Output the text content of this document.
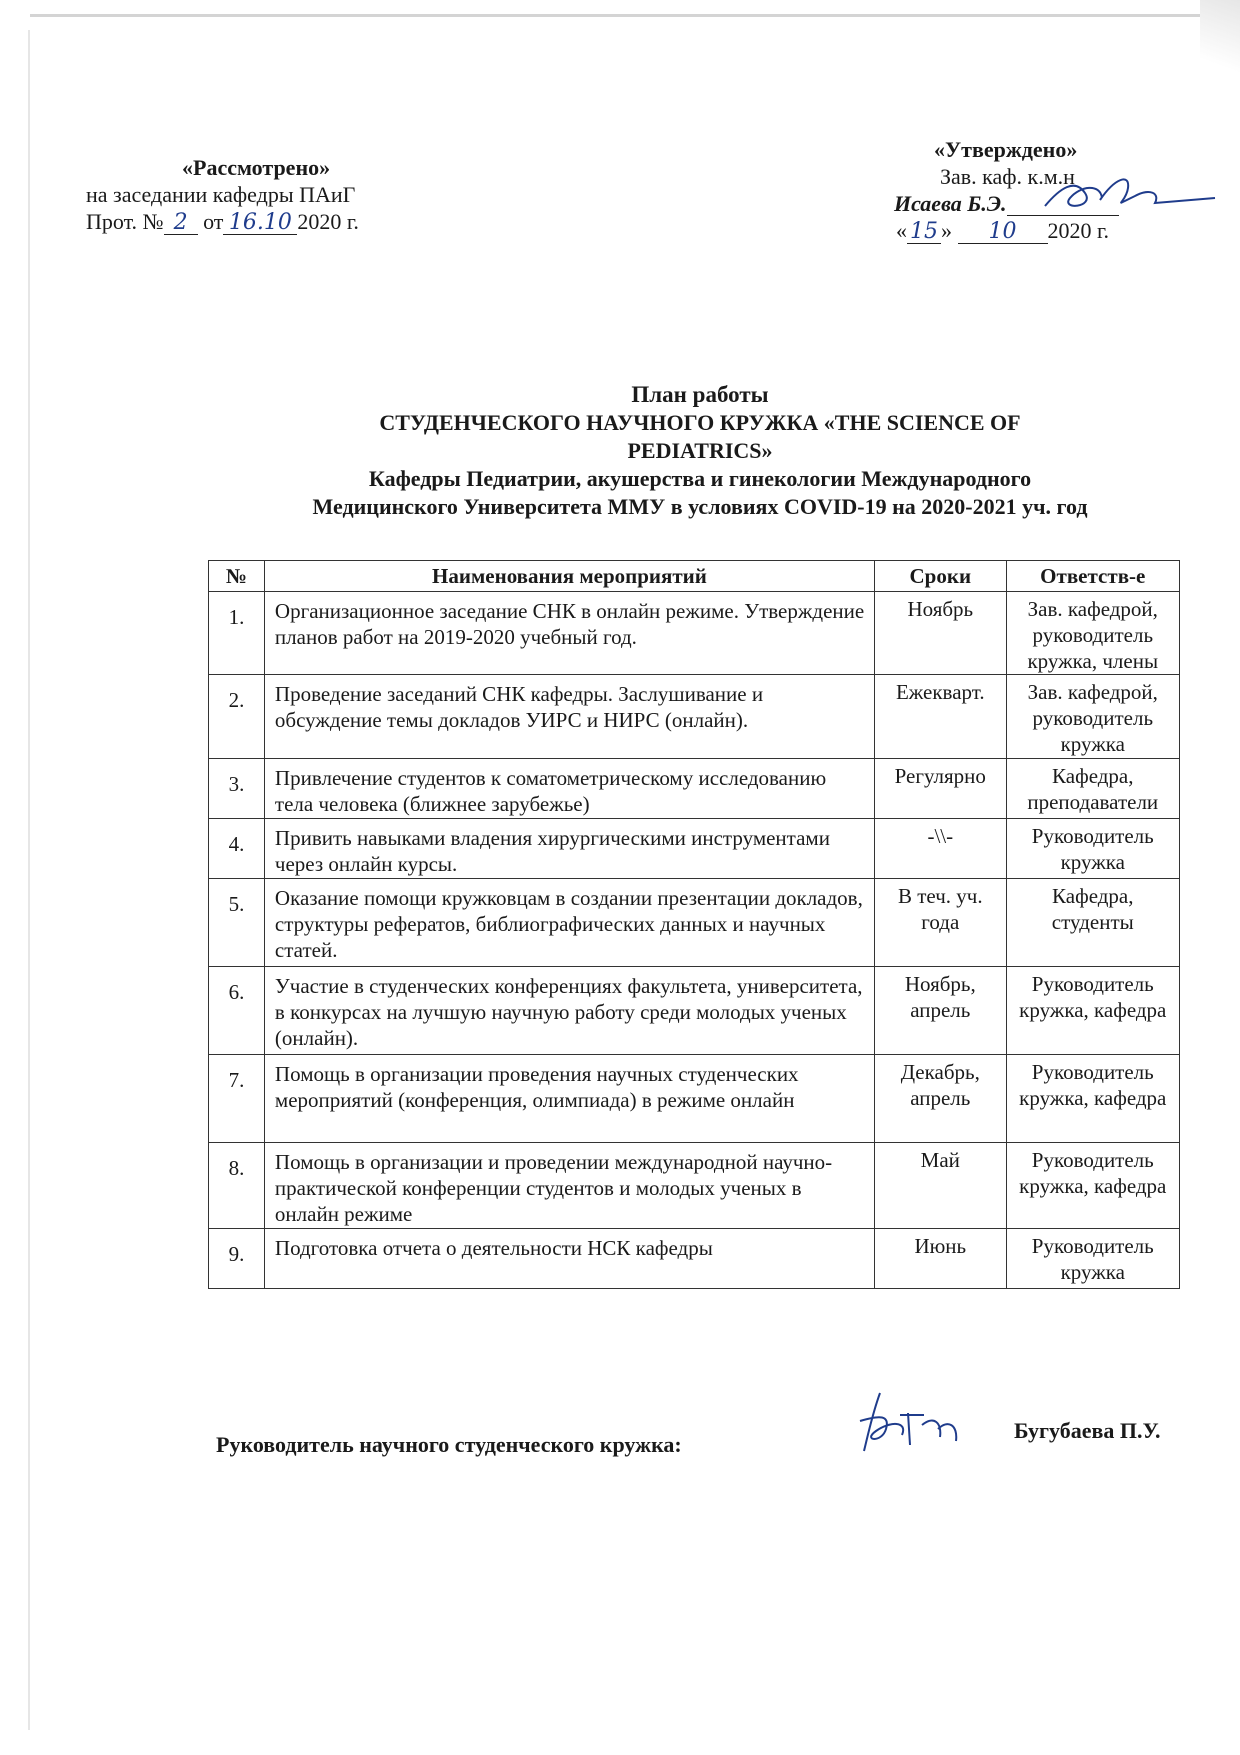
«Рассмотрено»
на заседании кафедры ПАиГ
Прот. № 2 от 16.10 2020 г.
«Утверждено»
Зав. каф. к.м.н
Исаева Б.Э.
« 15 » 10 2020 г.
План работы
СТУДЕНЧЕСКОГО НАУЧНОГО КРУЖКА «THE SCIENCE OF
PEDIATRICS»
Кафедры Педиатрии, акушерства и гинекологии Международного
Медицинского Университета ММУ в условиях COVID-19 на 2020-2021 уч. год
№	Наименования мероприятий	Сроки	Ответств-е
1.	Организационное заседание СНК в онлайн режиме. Утверждение планов работ на 2019-2020 учебный год.	Ноябрь	Зав. кафедрой, руководитель кружка, члены
2.	Проведение заседаний СНК кафедры. Заслушивание и обсуждение темы докладов УИРС и НИРС (онлайн).	Ежекварт.	Зав. кафедрой, руководитель кружка
3.	Привлечение студентов к соматометрическому исследованию тела человека (ближнее зарубежье)	Регулярно	Кафедра, преподаватели
4.	Привить навыками владения хирургическими инструментами через онлайн курсы.	-\\-	Руководитель кружка
5.	Оказание помощи кружковцам в создании презентации докладов, структуры рефератов, библиографических данных и научных статей.	В теч. уч. года	Кафедра, студенты
6.	Участие в студенческих конференциях факультета, университета, в конкурсах на лучшую научную работу среди молодых ученых (онлайн).	Ноябрь, апрель	Руководитель кружка, кафедра
7.	Помощь в организации проведения научных студенческих мероприятий (конференция, олимпиада) в режиме онлайн	Декабрь, апрель	Руководитель кружка, кафедра
8.	Помощь в организации и проведении международной научно-практической конференции студентов и молодых ученых в онлайн режиме	Май	Руководитель кружка, кафедра
9.	Подготовка отчета о деятельности НСК кафедры	Июнь	Руководитель кружка
Руководитель научного студенческого кружка:
Бугубаева П.У.
